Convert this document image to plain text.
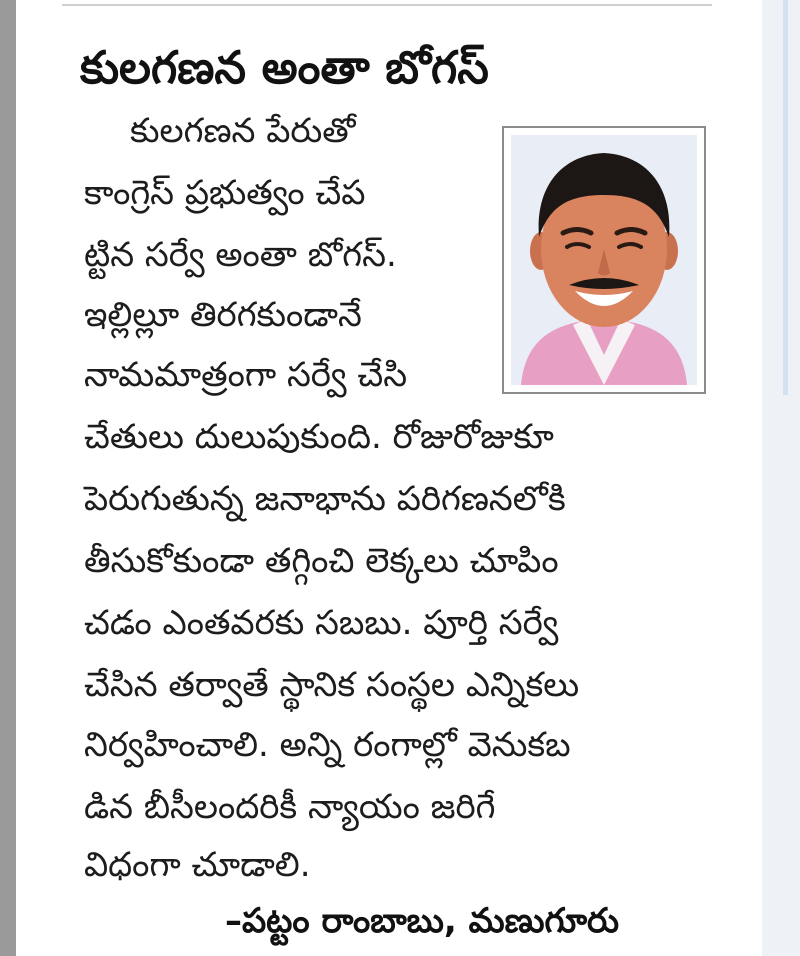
కులగణన అంతా బోగస్

కులగణన పేరుతో

కాంగ్రెస్ ప్రభుత్వం చేప

ట్టిన సర్వే అంతా బోగస్.

ఇల్లిల్లూ తిరగకుండానే

నామమాత్రంగా సర్వే చేసి

చేతులు దులుపుకుంది. రోజురోజుకూ

పెరుగుతున్న జనాభాను పరిగణనలోకి

తీసుకోకుండా తగ్గించి లెక్కలు చూపిం

చడం ఎంతవరకు సబబు. పూర్తి సర్వే

చేసిన తర్వాతే స్థానిక సంస్థల ఎన్నికలు

నిర్వహించాలి. అన్ని రంగాల్లో వెనుకబ

డిన బీసీలందరికీ న్యాయం జరిగే

విధంగా చూడాలి.

–పట్టం రాంబాబు, మణుగూరు
